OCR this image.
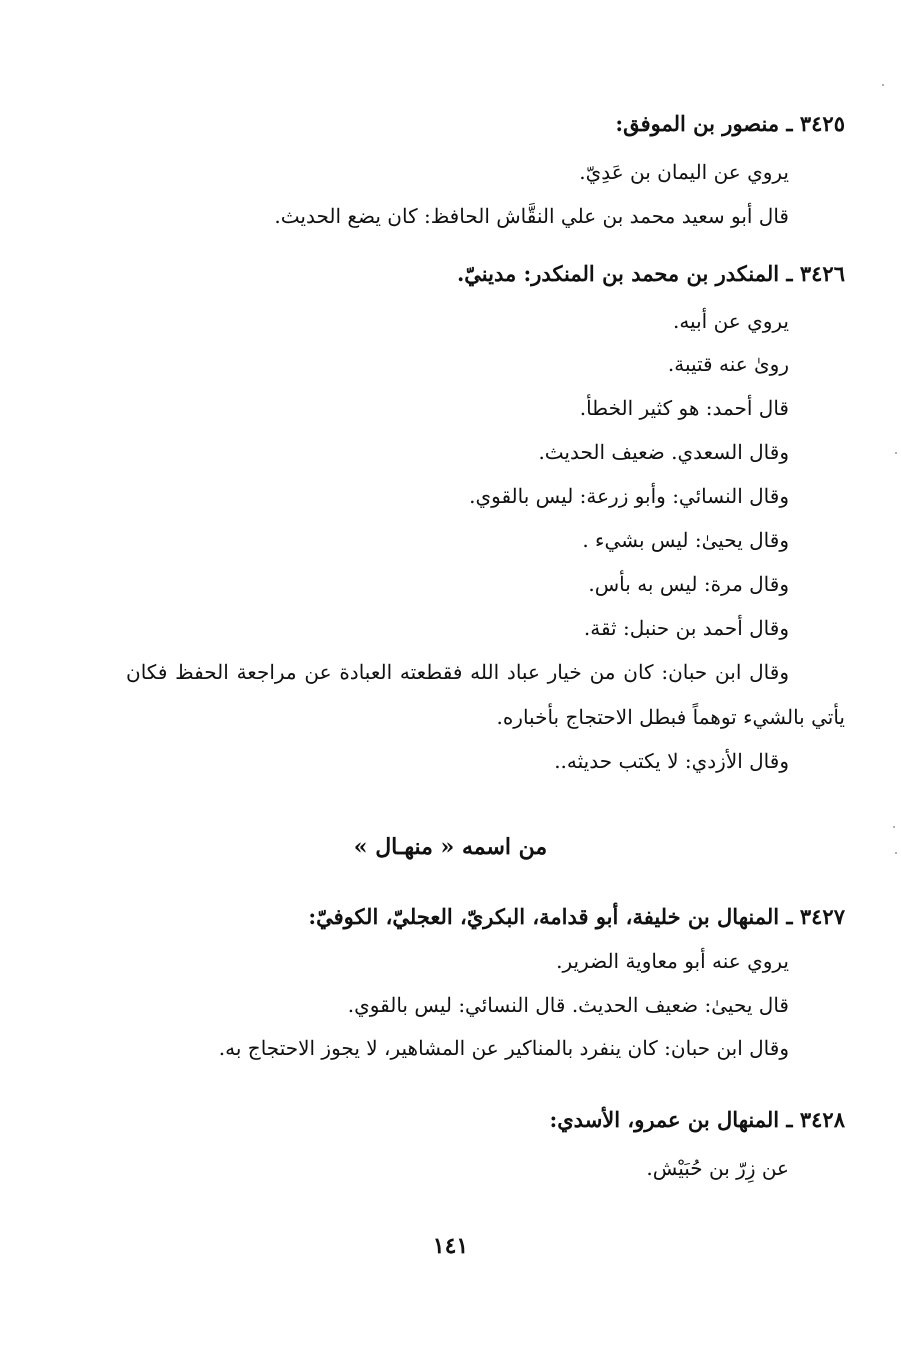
٣٤٢٥ ـ منصور بن الموفق:
يروي عن اليمان بن عَدِيّ.
قال أبو سعيد محمد بن علي النقَّاش الحافظ: كان يضع الحديث.
٣٤٢٦ ـ المنكدر بن محمد بن المنكدر: مدينيّ.
يروي عن أبيه.
روىٰ عنه قتيبة.
قال أحمد: هو كثير الخطأ.
وقال السعدي. ضعيف الحديث.
وقال النسائي: وأبو زرعة: ليس بالقوي.
وقال يحيىٰ: ليس بشيء .
وقال مرة: ليس به بأس.
وقال أحمد بن حنبل: ثقة.
وقال ابن حبان: كان من خيار عباد الله فقطعته العبادة عن مراجعة الحفظ فكان
يأتي بالشيء توهماً فبطل الاحتجاج بأخباره.
وقال الأزدي: لا يكتب حديثه..
من اسمه « منهـال »
٣٤٢٧ ـ المنهال بن خليفة، أبو قدامة، البكريّ، العجليّ، الكوفيّ:
يروي عنه أبو معاوية الضرير.
قال يحيىٰ: ضعيف الحديث. قال النسائي: ليس بالقوي.
وقال ابن حبان: كان ينفرد بالمناكير عن المشاهير، لا يجوز الاحتجاج به.
٣٤٢٨ ـ المنهال بن عمرو، الأسدي:
عن زِرّ بن حُبَيْش.
١٤١
